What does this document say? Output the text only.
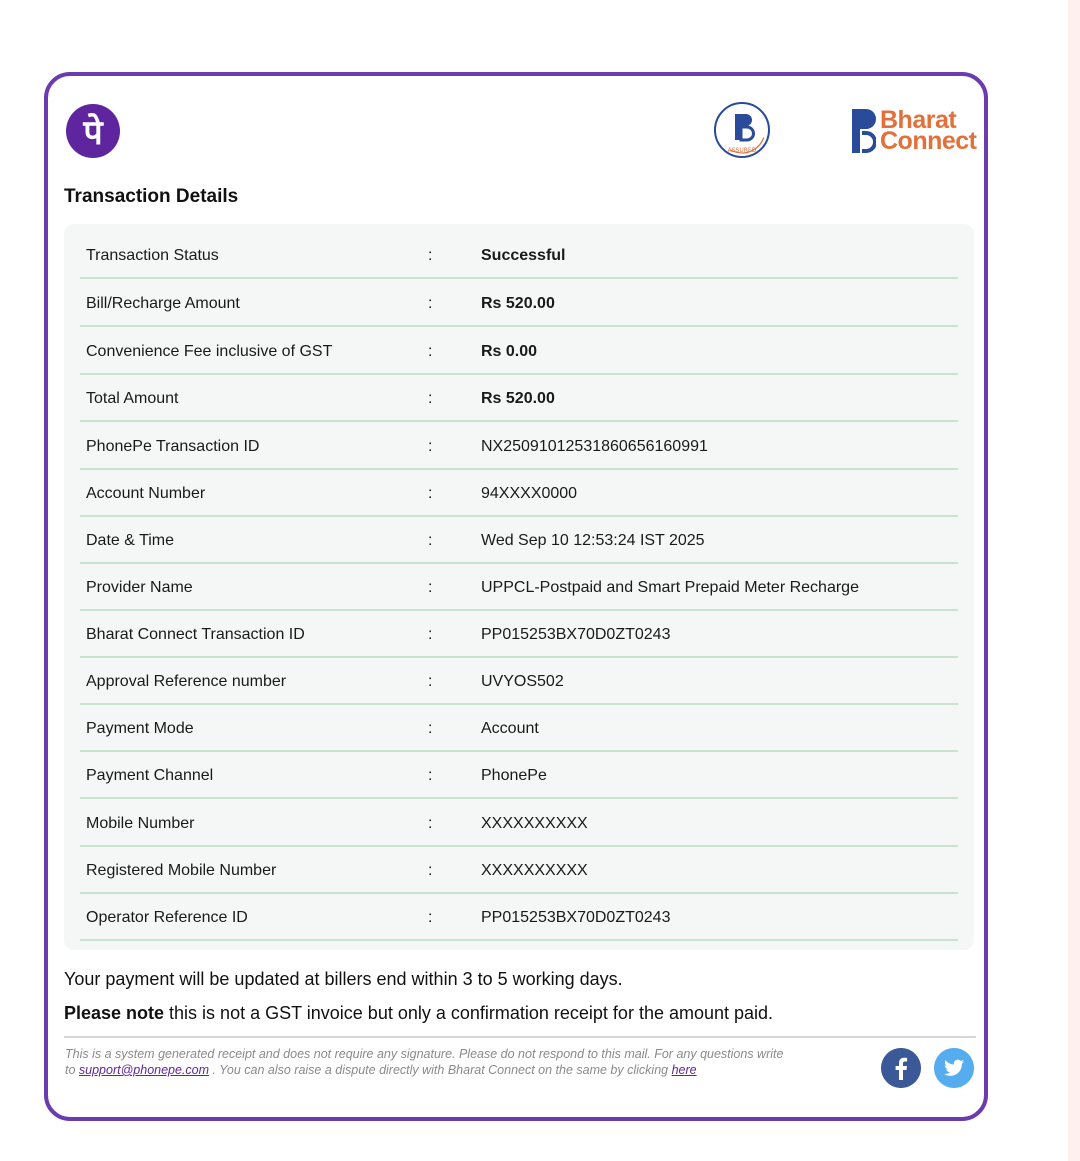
पे	ASSURED
Bharat
Connect
Transaction Details
Transaction Status	:	Successful
Bill/Recharge Amount	:	Rs 520.00
Convenience Fee inclusive of GST	:	Rs 0.00
Total Amount	:	Rs 520.00
PhonePe Transaction ID	:	NX25091012531860656160991
Account Number	:	94XXXX0000
Date & Time	:	Wed Sep 10 12:53:24 IST 2025
Provider Name	:	UPPCL-Postpaid and Smart Prepaid Meter Recharge
Bharat Connect Transaction ID	:	PP015253BX70D0ZT0243
Approval Reference number	:	UVYOS502
Payment Mode	:	Account
Payment Channel	:	PhonePe
Mobile Number	:	XXXXXXXXXX
Registered Mobile Number	:	XXXXXXXXXX
Operator Reference ID	:	PP015253BX70D0ZT0243
Your payment will be updated at billers end within 3 to 5 working days.
Please note this is not a GST invoice but only a confirmation receipt for the amount paid.
This is a system generated receipt and does not require any signature. Please do not respond to this mail. For any questions write to support@phonepe.com . You can also raise a dispute directly with Bharat Connect on the same by clicking here
